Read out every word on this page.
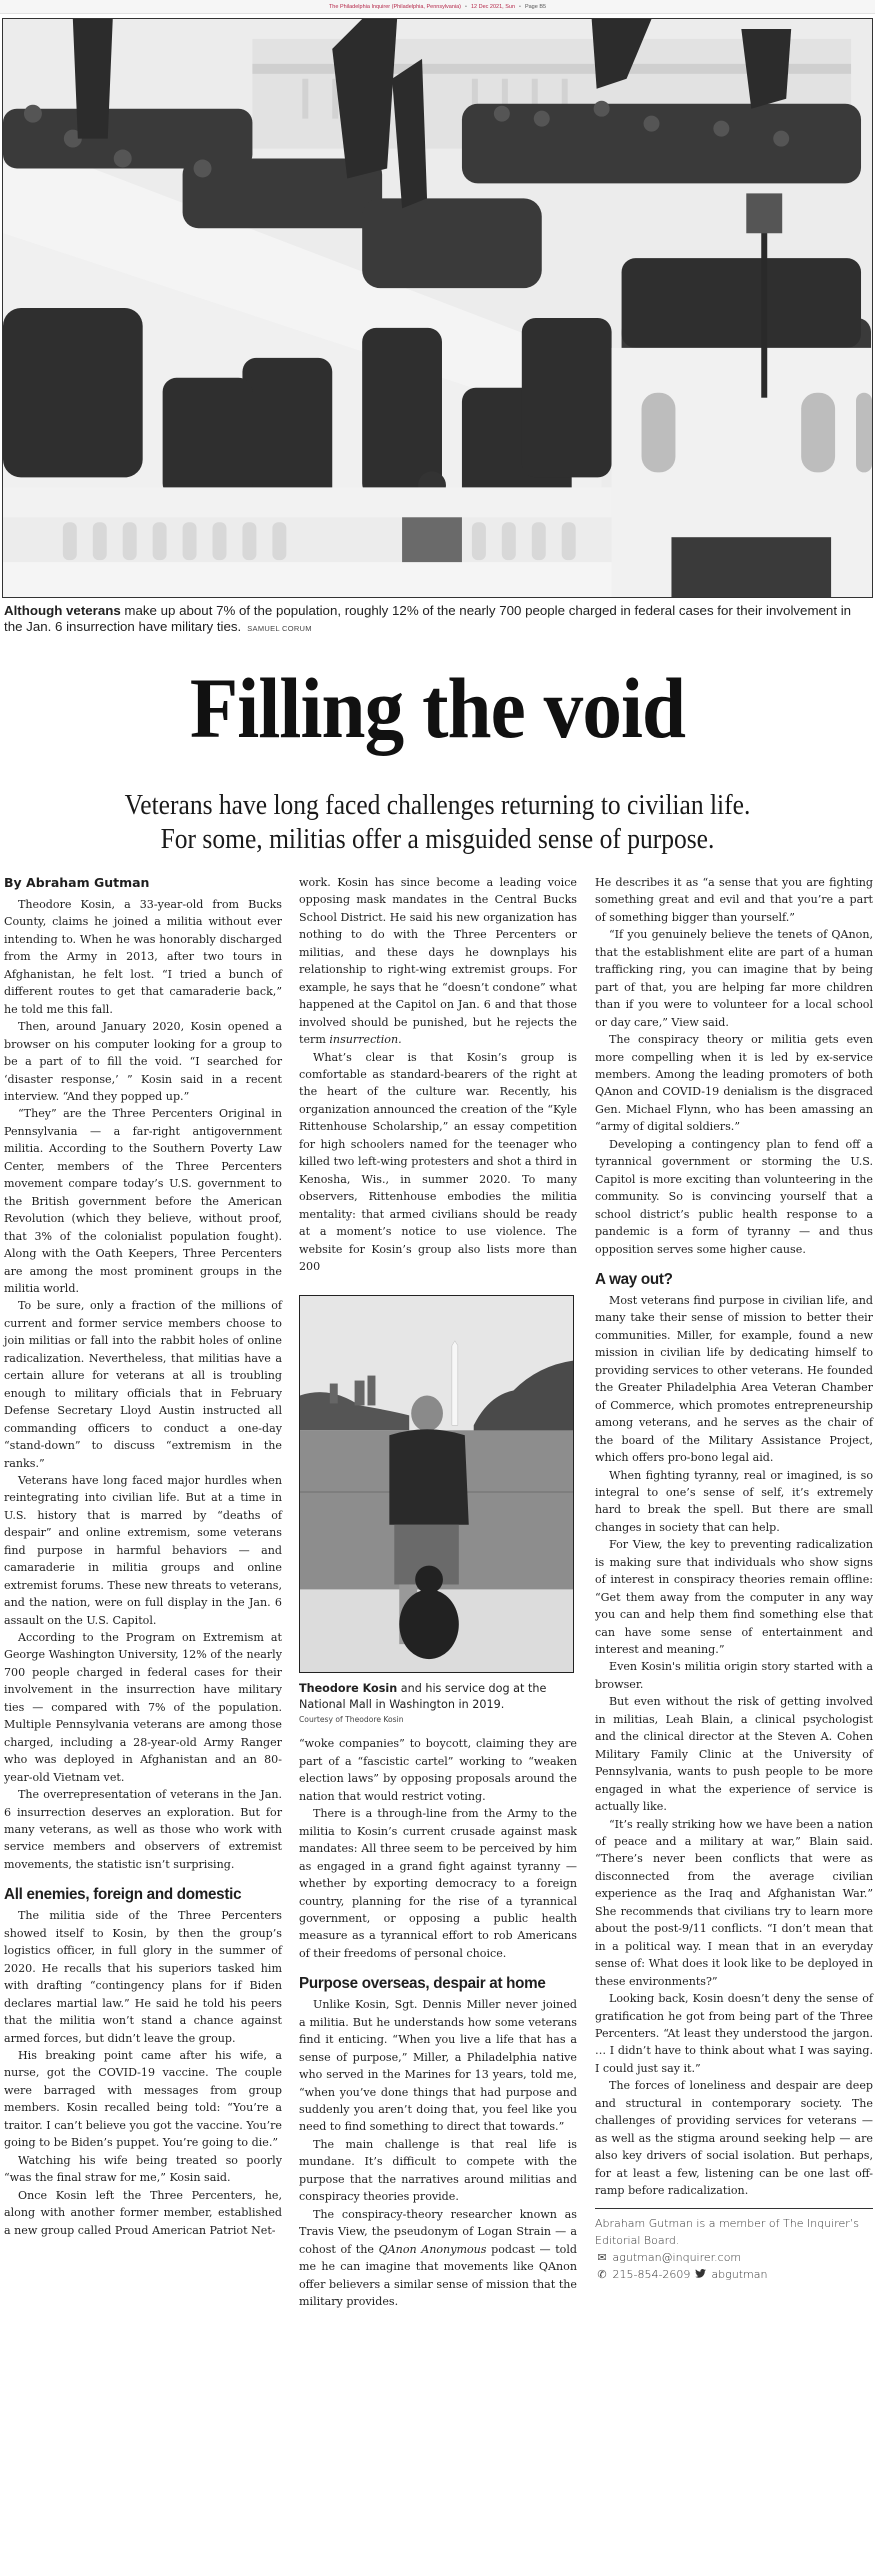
The Philadelphia Inquirer (Philadelphia, Pennsylvania) • 12 Dec 2021, Sun • Page B5
Although veterans make up about 7% of the population, roughly 12% of the nearly 700 people charged in federal cases for their involvement in the Jan. 6 insurrection have military ties. SAMUEL CORUM
Filling the void
Veterans have long faced challenges returning to civilian life.
For some, militias offer a misguided sense of purpose.
By Abraham Gutman

Theodore Kosin, a 33-year-old from Bucks County, claims he joined a militia without ever intending to. When he was honorably discharged from the Army in 2013, after two tours in Afghanistan, he felt lost. “I tried a bunch of different routes to get that camaraderie back,” he told me this fall.

Then, around January 2020, Kosin opened a browser on his computer looking for a group to be a part of to fill the void. “I searched for ‘disaster response,’ ” Kosin said in a recent interview. “And they popped up.”

“They” are the Three Percenters Original in Pennsylvania — a far-right antigovernment militia. According to the Southern Poverty Law Center, members of the Three Percenters movement compare today’s U.S. government to the British government before the American Revolution (which they believe, without proof, that 3% of the colonialist population fought). Along with the Oath Keepers, Three Percenters are among the most prominent groups in the militia world.

To be sure, only a fraction of the millions of current and former service members choose to join militias or fall into the rabbit holes of online radicalization. Nevertheless, that militias have a certain allure for veterans at all is troubling enough to military officials that in February Defense Secretary Lloyd Austin instructed all commanding officers to conduct a one-day “stand-down” to discuss “extremism in the ranks.”

Veterans have long faced major hurdles when reintegrating into civilian life. But at a time in U.S. history that is marred by “deaths of despair” and online extremism, some veterans find purpose in harmful behaviors — and camaraderie in militia groups and online extremist forums. These new threats to veterans, and the nation, were on full display in the Jan. 6 assault on the U.S. Capitol.

According to the Program on Extremism at George Washington University, 12% of the nearly 700 people charged in federal cases for their involvement in the insurrection have military ties — compared with 7% of the population. Multiple Pennsylvania veterans are among those charged, including a 28-year-old Army Ranger who was deployed in Afghanistan and an 80-year-old Vietnam vet.

The overrepresentation of veterans in the Jan. 6 insurrection deserves an exploration. But for many veterans, as well as those who work with service members and observers of extremist movements, the statistic isn’t surprising.

All enemies, foreign and domestic

The militia side of the Three Percenters showed itself to Kosin, by then the group’s logistics officer, in full glory in the summer of 2020. He recalls that his superiors tasked him with drafting “contingency plans for if Biden declares martial law.” He said he told his peers that the militia won’t stand a chance against armed forces, but didn’t leave the group.

His breaking point came after his wife, a nurse, got the COVID-19 vaccine. The couple were barraged with messages from group members. Kosin recalled being told: “You’re a traitor. I can’t believe you got the vaccine. You’re going to be Biden’s puppet. You’re going to die.”

Watching his wife being treated so poorly “was the final straw for me,” Kosin said.

Once Kosin left the Three Percenters, he, along with another former member, established a new group called Proud American Patriot Net-

work. Kosin has since become a leading voice opposing mask mandates in the Central Bucks School District. He said his new organization has nothing to do with the Three Percenters or militias, and these days he downplays his relationship to right-wing extremist groups. For example, he says that he “doesn’t condone” what happened at the Capitol on Jan. 6 and that those involved should be punished, but he rejects the term insurrection.

What’s clear is that Kosin’s group is comfortable as standard-bearers of the right at the heart of the culture war. Recently, his organization announced the creation of the “Kyle Rittenhouse Scholarship,” an essay competition for high schoolers named for the teenager who killed two left-wing protesters and shot a third in Kenosha, Wis., in summer 2020. To many observers, Rittenhouse embodies the militia mentality: that armed civilians should be ready at a moment’s notice to use violence. The website for Kosin’s group also lists more than 200

Theodore Kosin and his service dog at the National Mall in Washington in 2019.
Courtesy of Theodore Kosin

“woke companies” to boycott, claiming they are part of a “fascistic cartel” working to “weaken election laws” by opposing proposals around the nation that would restrict voting.

There is a through-line from the Army to the militia to Kosin’s current crusade against mask mandates: All three seem to be perceived by him as engaged in a grand fight against tyranny — whether by exporting democracy to a foreign country, planning for the rise of a tyrannical government, or opposing a public health measure as a tyrannical effort to rob Americans of their freedoms of personal choice.

Purpose overseas, despair at home

Unlike Kosin, Sgt. Dennis Miller never joined a militia. But he understands how some veterans find it enticing. “When you live a life that has a sense of purpose,” Miller, a Philadelphia native who served in the Marines for 13 years, told me, “when you’ve done things that had purpose and suddenly you aren’t doing that, you feel like you need to find something to direct that towards.”

The main challenge is that real life is mundane. It’s difficult to compete with the purpose that the narratives around militias and conspiracy theories provide.

The conspiracy-theory researcher known as Travis View, the pseudonym of Logan Strain — a cohost of the QAnon Anonymous podcast — told me he can imagine that movements like QAnon offer believers a similar sense of mission that the military provides.

He describes it as “a sense that you are fighting something great and evil and that you’re a part of something bigger than yourself.”

“If you genuinely believe the tenets of QAnon, that the establishment elite are part of a human trafficking ring, you can imagine that by being part of that, you are helping far more children than if you were to volunteer for a local school or day care,” View said.

The conspiracy theory or militia gets even more compelling when it is led by ex-service members. Among the leading promoters of both QAnon and COVID-19 denialism is the disgraced Gen. Michael Flynn, who has been amassing an “army of digital soldiers.”

Developing a contingency plan to fend off a tyrannical government or storming the U.S. Capitol is more exciting than volunteering in the community. So is convincing yourself that a school district’s public health response to a pandemic is a form of tyranny — and thus opposition serves some higher cause.

A way out?

Most veterans find purpose in civilian life, and many take their sense of mission to better their communities. Miller, for example, found a new mission in civilian life by dedicating himself to providing services to other veterans. He founded the Greater Philadelphia Area Veteran Chamber of Commerce, which promotes entrepreneurship among veterans, and he serves as the chair of the board of the Military Assistance Project, which offers pro-bono legal aid.

When fighting tyranny, real or imagined, is so integral to one’s sense of self, it’s extremely hard to break the spell. But there are small changes in society that can help.

For View, the key to preventing radicalization is making sure that individuals who show signs of interest in conspiracy theories remain offline: “Get them away from the computer in any way you can and help them find something else that can have some sense of entertainment and interest and meaning.”

Even Kosin's militia origin story started with a browser.

But even without the risk of getting involved in militias, Leah Blain, a clinical psychologist and the clinical director at the Steven A. Cohen Military Family Clinic at the University of Pennsylvania, wants to push people to be more engaged in what the experience of service is actually like.

“It’s really striking how we have been a nation of peace and a military at war,” Blain said. “There’s never been conflicts that were as disconnected from the average civilian experience as the Iraq and Afghanistan War.” She recommends that civilians try to learn more about the post-9/11 conflicts. “I don’t mean that in a political way. I mean that in an everyday sense of: What does it look like to be deployed in these environments?”

Looking back, Kosin doesn’t deny the sense of gratification he got from being part of the Three Percenters. “At least they understood the jargon. … I didn’t have to think about what I was saying. I could just say it.”

The forces of loneliness and despair are deep and structural in contemporary society. The challenges of providing services for veterans — as well as the stigma around seeking help — are also key drivers of social isolation. But perhaps, for at least a few, listening can be one last off-ramp before radicalization.

Abraham Gutman is a member of The Inquirer’s Editorial Board.
✉ agutman@inquirer.com
✆ 215-854-2609 abgutman
